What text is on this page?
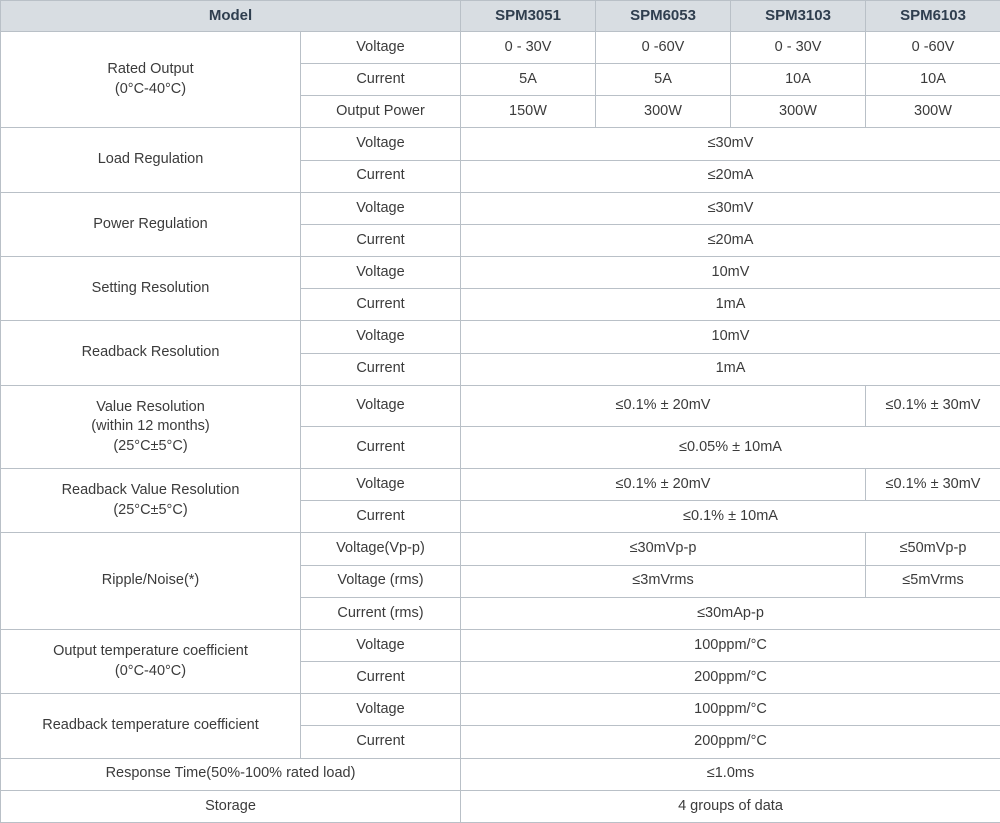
Model		SPM3051	SPM6053	SPM3103	SPM6103

Rated Output
(0°C-40°C)	Voltage	0 - 30V	0 -60V	0 - 30V	0 -60V
	Current	5A	5A	10A	10A
	Output Power	150W	300W	300W	300W

Load Regulation	Voltage	≤30mV			
	Current	≤20mA			

Power Regulation	Voltage	≤30mV			
	Current	≤20mA			

Setting Resolution	Voltage	10mV			
	Current	1mA			

Readback Resolution	Voltage	10mV			
	Current	1mA			

Value Resolution
(within 12 months)
(25°C±5°C)	Voltage	≤0.1% ± 20mV			≤0.1% ± 30mV
	Current	≤0.05% ± 10mA			

Readback Value Resolution
(25°C±5°C)	Voltage	≤0.1% ± 20mV			≤0.1% ± 30mV
	Current	≤0.1% ± 10mA			

Ripple/Noise(*)	Voltage(Vp-p)	≤30mVp-p			≤50mVp-p
	Voltage (rms)	≤3mVrms			≤5mVrms
	Current (rms)	≤30mAp-p			

Output temperature coefficient
(0°C-40°C)	Voltage	100ppm/°C			
	Current	200ppm/°C			

Readback temperature coefficient	Voltage	100ppm/°C			
	Current	200ppm/°C			

Response Time(50%-100% rated load)		≤1.0ms			

Storage		4 groups of data			
